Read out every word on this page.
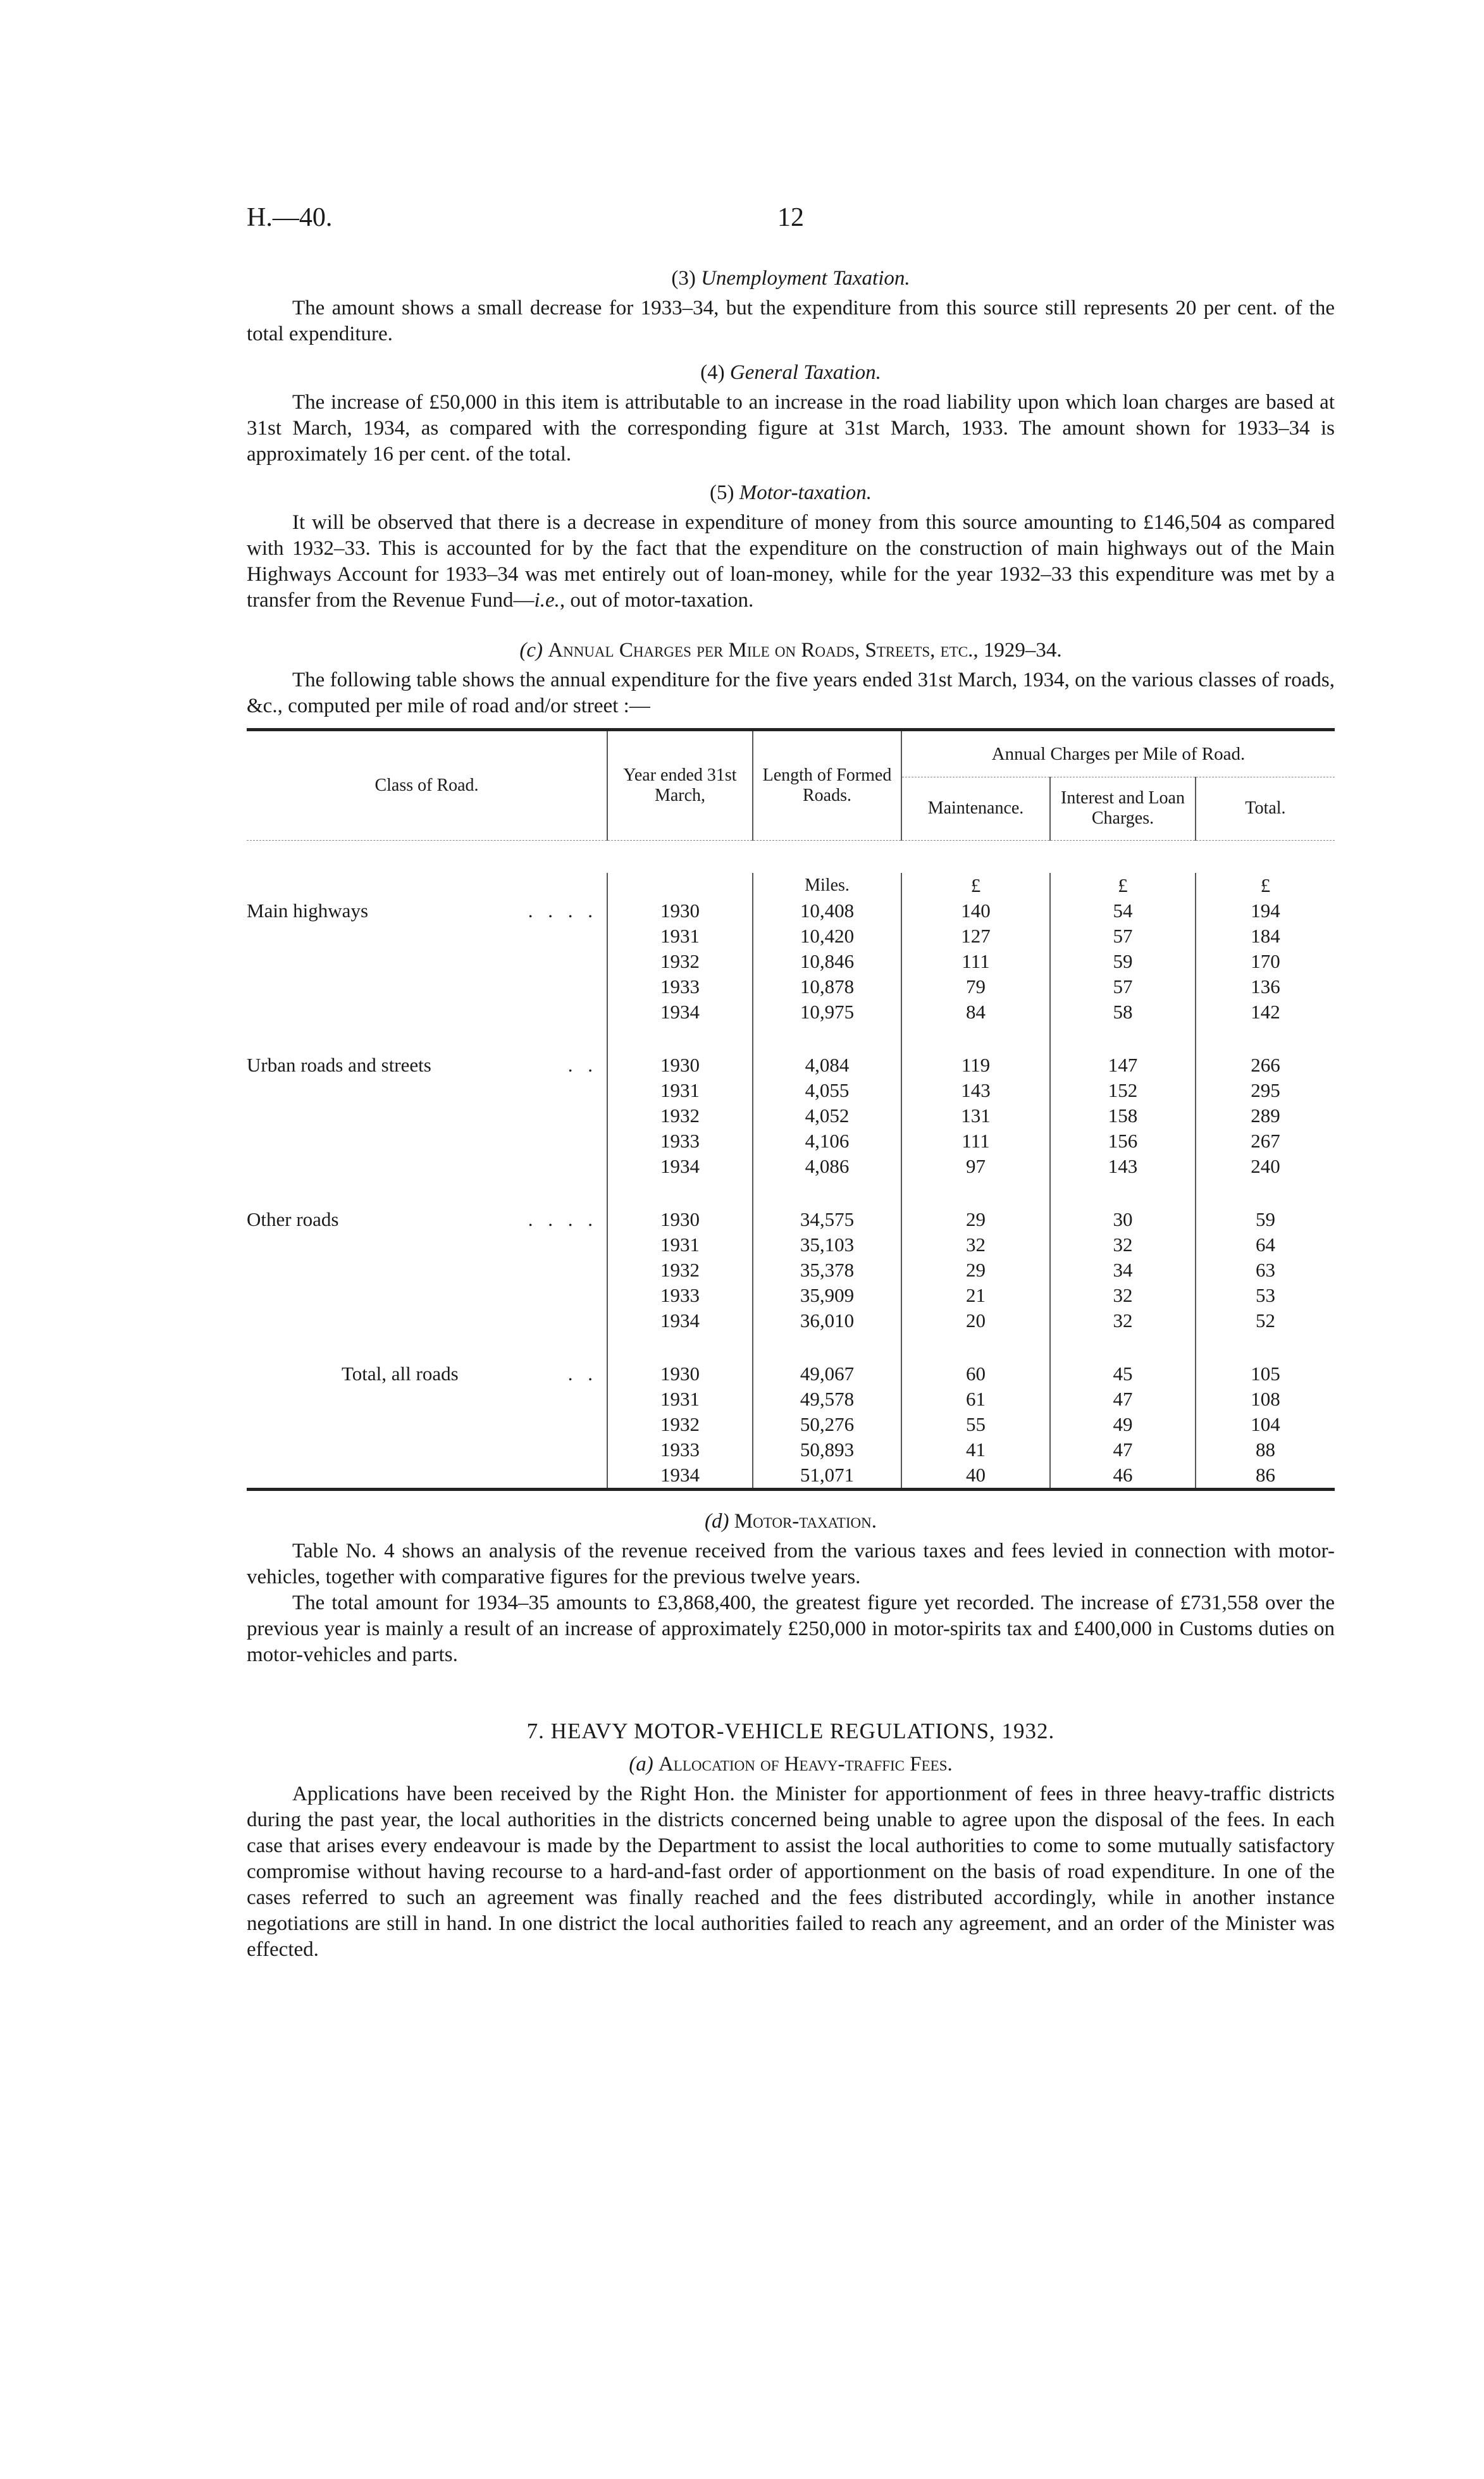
H.—40.	12
(3) Unemployment Taxation.

The amount shows a small decrease for 1933–34, but the expenditure from this source still represents 20 per cent. of the total expenditure.

(4) General Taxation.

The increase of £50,000 in this item is attributable to an increase in the road liability upon which loan charges are based at 31st March, 1934, as compared with the corresponding figure at 31st March, 1933. The amount shown for 1933–34 is approximately 16 per cent. of the total.

(5) Motor-taxation.

It will be observed that there is a decrease in expenditure of money from this source amounting to £146,504 as compared with 1932–33. This is accounted for by the fact that the expenditure on the construction of main highways out of the Main Highways Account for 1933–34 was met entirely out of loan-money, while for the year 1932–33 this expenditure was met by a transfer from the Revenue Fund—i.e., out of motor-taxation.

(c) Annual Charges per Mile on Roads, Streets, etc., 1929–34.

The following table shows the annual expenditure for the five years ended 31st March, 1934, on the various classes of roads, &c., computed per mile of road and/or street :—

Class of Road.	Year ended 31st March,	Length of Formed Roads.	Annual Charges per Mile of Road.		
			Maintenance.	Interest and Loan Charges.	Total.

		Miles.	£	£	£
Main highways . . . .	1930	10,408	140	54	194
	1931	10,420	127	57	184
	1932	10,846	111	59	170
	1933	10,878	79	57	136
	1934	10,975	84	58	142

Urban roads and streets . .	1930	4,084	119	147	266
	1931	4,055	143	152	295
	1932	4,052	131	158	289
	1933	4,106	111	156	267
	1934	4,086	97	143	240

Other roads . . . .	1930	34,575	29	30	59
	1931	35,103	32	32	64
	1932	35,378	29	34	63
	1933	35,909	21	32	53
	1934	36,010	20	32	52

Total, all roads . .	1930	49,067	60	45	105
	1931	49,578	61	47	108
	1932	50,276	55	49	104
	1933	50,893	41	47	88
	1934	51,071	40	46	86
(d) Motor-taxation.

Table No. 4 shows an analysis of the revenue received from the various taxes and fees levied in connection with motor-vehicles, together with comparative figures for the previous twelve years.

The total amount for 1934–35 amounts to £3,868,400, the greatest figure yet recorded. The increase of £731,558 over the previous year is mainly a result of an increase of approximately £250,000 in motor-spirits tax and £400,000 in Customs duties on motor-vehicles and parts.

7. HEAVY MOTOR-VEHICLE REGULATIONS, 1932.
(a) Allocation of Heavy-traffic Fees.

Applications have been received by the Right Hon. the Minister for apportionment of fees in three heavy-traffic districts during the past year, the local authorities in the districts concerned being unable to agree upon the disposal of the fees. In each case that arises every endeavour is made by the Department to assist the local authorities to come to some mutually satisfactory compromise without having recourse to a hard-and-fast order of apportionment on the basis of road expenditure. In one of the cases referred to such an agreement was finally reached and the fees distributed accordingly, while in another instance negotiations are still in hand. In one district the local authorities failed to reach any agreement, and an order of the Minister was effected.
